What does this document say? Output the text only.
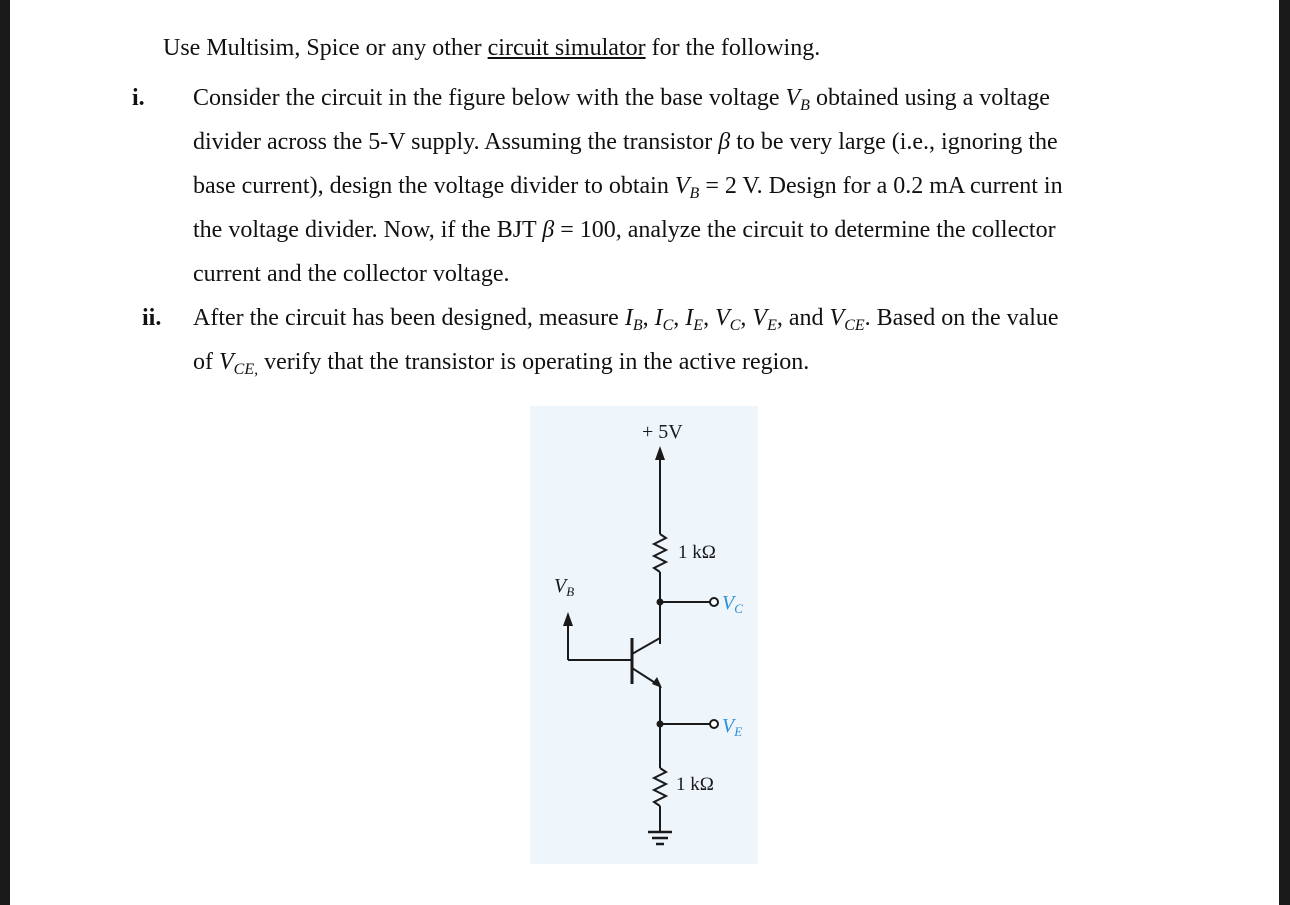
Use Multisim, Spice or any other circuit simulator for the following.
i. Consider the circuit in the figure below with the base voltage $V_B$ obtained using a voltage
divider across the 5-V supply. Assuming the transistor β to be very large (i.e., ignoring the
base current), design the voltage divider to obtain $V_B = 2$ V. Design for a 0.2 mA current in
the voltage divider. Now, if the BJT β = 100, analyze the circuit to determine the collector
current and the collector voltage.
ii. After the circuit has been designed, measure $I_B$, $I_C$, $I_E$, $V_C$, $V_E$, and $V_{CE}$. Based on the value
of $V_{CE,}$ verify that the transistor is operating in the active region.
+ 5V
1 kΩ
1 kΩ
$V_B$
$V_C$
$V_E$
